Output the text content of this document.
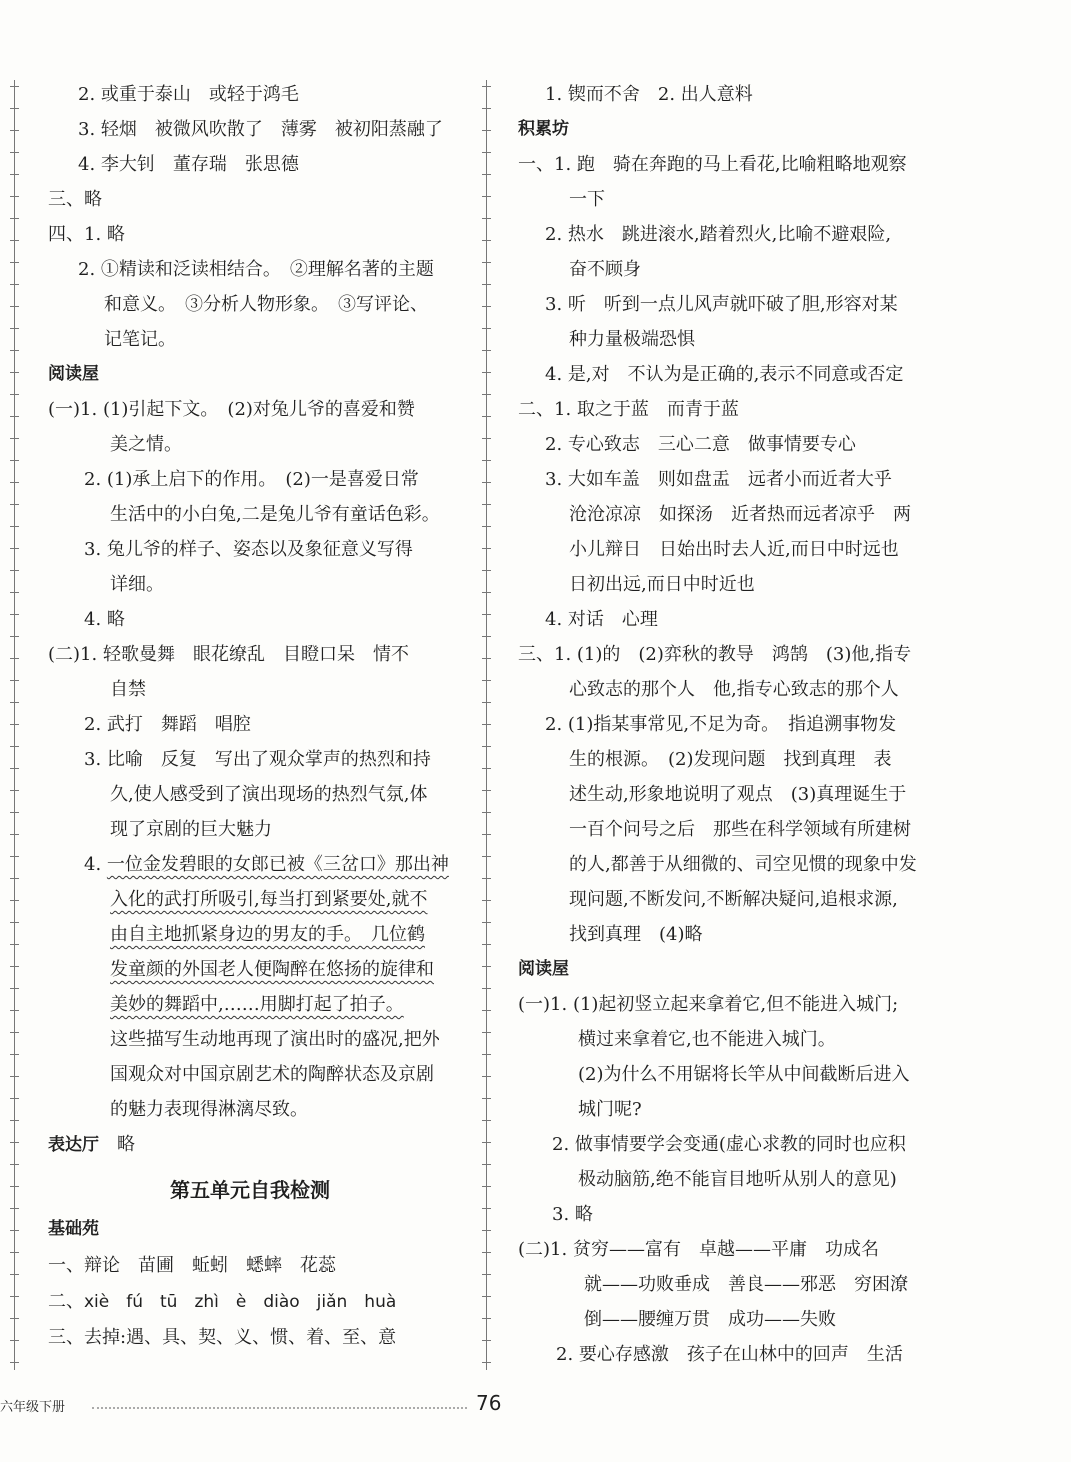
2. 或重于泰山　或轻于鸿毛
3. 轻烟　被微风吹散了　薄雾　被初阳蒸融了
4. 李大钊　董存瑞　张思德
三、略
四、1. 略
2. ①精读和泛读相结合。　②理解名著的主题
和意义。　③分析人物形象。　③写评论、
记笔记。
阅读屋
(一)1. (1)引起下文。　(2)对兔儿爷的喜爱和赞
美之情。
2. (1)承上启下的作用。　(2)一是喜爱日常
生活中的小白兔,二是兔儿爷有童话色彩。
3. 兔儿爷的样子、姿态以及象征意义写得
详细。
4. 略
(二)1. 轻歌曼舞　眼花缭乱　目瞪口呆　情不
自禁
2. 武打　舞蹈　唱腔
3. 比喻　反复　写出了观众掌声的热烈和持
久,使人感受到了演出现场的热烈气氛,体
现了京剧的巨大魅力
4. 一位金发碧眼的女郎已被《三岔口》那出神
入化的武打所吸引,每当打到紧要处,就不
由自主地抓紧身边的男友的手。　几位鹤
发童颜的外国老人便陶醉在悠扬的旋律和
美妙的舞蹈中,……用脚打起了拍子。
这些描写生动地再现了演出时的盛况,把外
国观众对中国京剧艺术的陶醉状态及京剧
的魅力表现得淋漓尽致。
表达厅　略
基础苑
一、辩论　苗圃　蚯蚓　蟋蟀　花蕊
二、xiè　fú　tū　zhì　è　diào　jiǎn　huà
三、去掉:遇、具、契、义、惯、着、至、意
1. 锲而不舍　2. 出人意料
积累坊
一、1. 跑　骑在奔跑的马上看花,比喻粗略地观察
一下
2. 热水　跳进滚水,踏着烈火,比喻不避艰险,
奋不顾身
3. 听　听到一点儿风声就吓破了胆,形容对某
种力量极端恐惧
4. 是,对　不认为是正确的,表示不同意或否定
二、1. 取之于蓝　而青于蓝
2. 专心致志　三心二意　做事情要专心
3. 大如车盖　则如盘盂　远者小而近者大乎
沧沧凉凉　如探汤　近者热而远者凉乎　两
小儿辩日　日始出时去人近,而日中时远也
日初出远,而日中时近也
4. 对话　心理
三、1. (1)的　(2)弈秋的教导　鸿鹄　(3)他,指专
心致志的那个人　他,指专心致志的那个人
2. (1)指某事常见,不足为奇。　指追溯事物发
生的根源。　(2)发现问题　找到真理　表
述生动,形象地说明了观点　(3)真理诞生于
一百个问号之后　那些在科学领域有所建树
的人,都善于从细微的、司空见惯的现象中发
现问题,不断发问,不断解决疑问,追根求源,
找到真理　(4)略
阅读屋
(一)1. (1)起初竖立起来拿着它,但不能进入城门;
横过来拿着它,也不能进入城门。
(2)为什么不用锯将长竿从中间截断后进入
城门呢?
2. 做事情要学会变通(虚心求教的同时也应积
极动脑筋,绝不能盲目地听从别人的意见)
3. 略
(二)1. 贫穷——富有　卓越——平庸　功成名
就——功败垂成　善良——邪恶　穷困潦
倒——腰缠万贯　成功——失败
2. 要心存感激　孩子在山林中的回声　生活
第五单元自我检测
六年级下册	76
